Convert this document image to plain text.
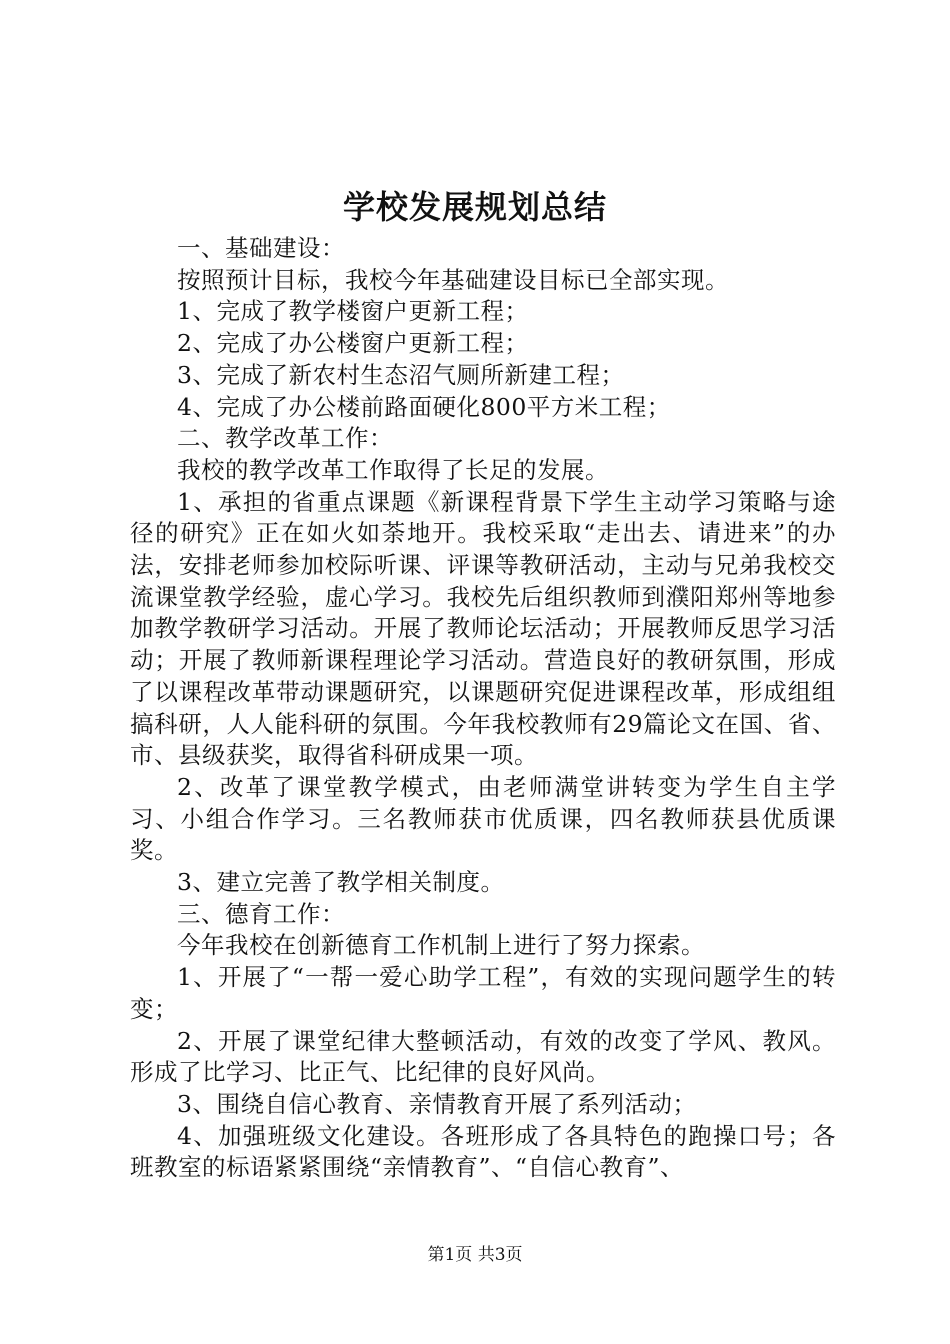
学校发展规划总结

一、基础建设：

按照预计目标，我校今年基础建设目标已全部实现。

1、完成了教学楼窗户更新工程；

2、完成了办公楼窗户更新工程；

3、完成了新农村生态沼气厕所新建工程；

4、完成了办公楼前路面硬化800平方米工程；

二、教学改革工作：

我校的教学改革工作取得了长足的发展。

1、承担的省重点课题《新课程背景下学生主动学习策略与途径的研究》正在如火如荼地开。我校采取“走出去、请进来”的办法，安排老师参加校际听课、评课等教研活动，主动与兄弟我校交流课堂教学经验，虚心学习。我校先后组织教师到濮阳郑州等地参加教学教研学习活动。开展了教师论坛活动；开展教师反思学习活动；开展了教师新课程理论学习活动。营造良好的教研氛围，形成了以课程改革带动课题研究，以课题研究促进课程改革，形成组组搞科研，人人能科研的氛围。今年我校教师有29篇论文在国、省、市、县级获奖，取得省科研成果一项。

2、改革了课堂教学模式，由老师满堂讲转变为学生自主学习、小组合作学习。三名教师获市优质课，四名教师获县优质课奖。

3、建立完善了教学相关制度。

三、德育工作：

今年我校在创新德育工作机制上进行了努力探索。

1、开展了“一帮一爱心助学工程”，有效的实现问题学生的转变；

2、开展了课堂纪律大整顿活动，有效的改变了学风、教风。形成了比学习、比正气、比纪律的良好风尚。

3、围绕自信心教育、亲情教育开展了系列活动；

4、加强班级文化建设。各班形成了各具特色的跑操口号；各班教室的标语紧紧围绕“亲情教育”、“自信心教育”、

第1页 共3页
